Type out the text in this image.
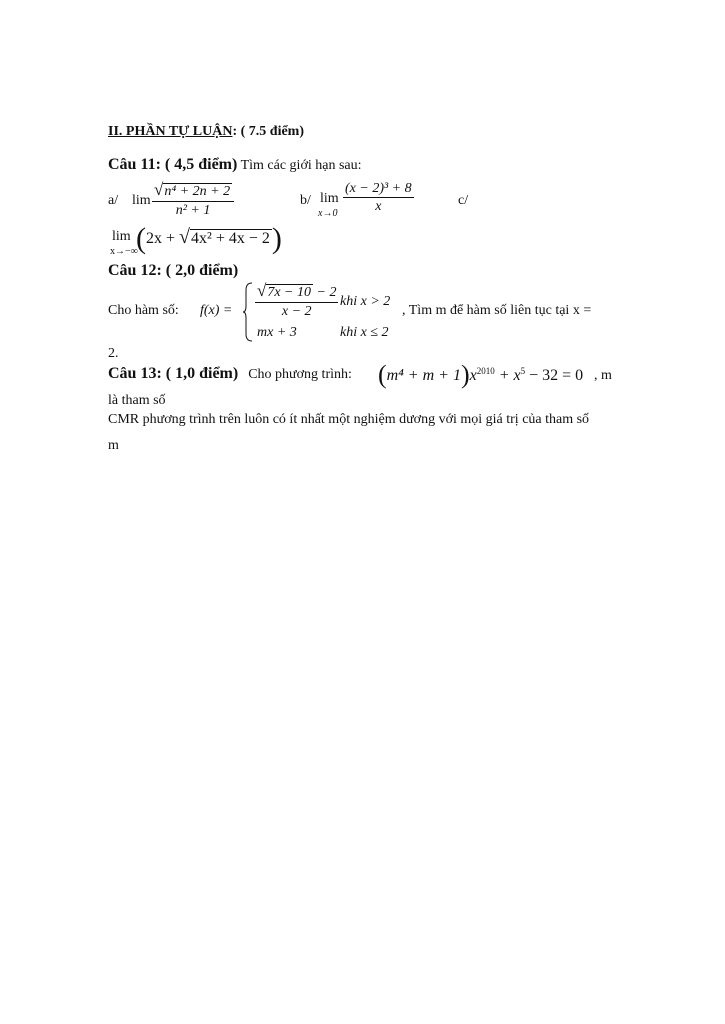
II. PHẦN TỰ LUẬN: ( 7.5 điểm)
Câu 11: ( 4,5 điểm) Tìm các giới hạn sau:
a/ $\lim \frac{\text{√n⁴ + 2n + 2}}{\text{n² + 1}}$	b/ lim
$x\to 0 \frac{\text{(x − 2)³ + 8}}{x}$	c/
lim
x→−∞
(2x + √4x² + 4x − 2)
Câu 12: ( 2,0 điểm)
Cho hàm số: $f(x) = \frac{√7x - 10 - 2}{x - 2}$ khi x > 2
mx + 3	khi x ≤ 2
, Tìm m để hàm số liên tục tại x =
2.
Câu 13: ( 1,0 điểm) Cho phương trình: $(m^4 + m + 1)x^{2010} + x^5 - 32 = 0$ , m
là tham số
CMR phương trình trên luôn có ít nhất một nghiệm dương với mọi giá trị của tham số
m
